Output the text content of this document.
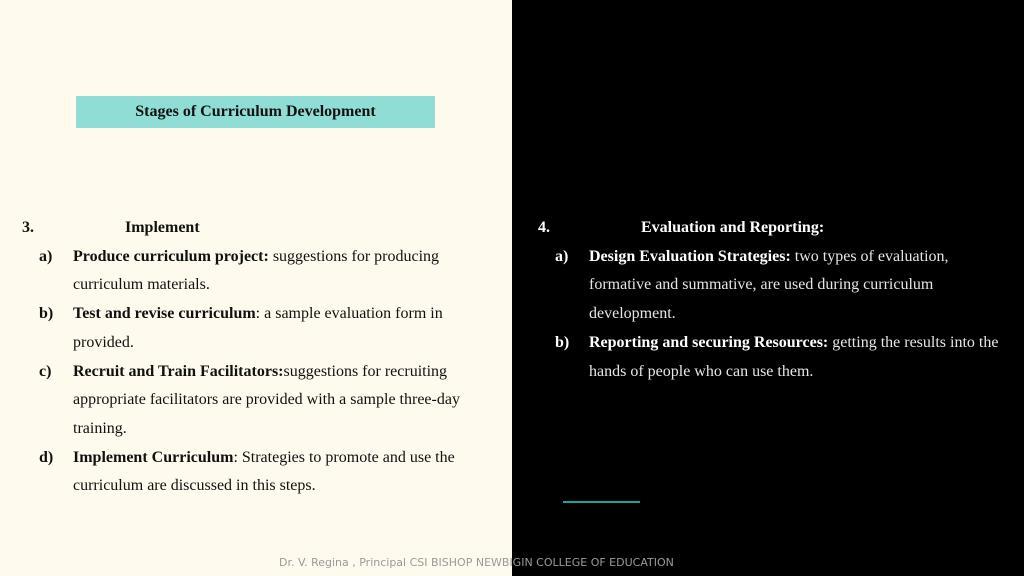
Stages of Curriculum Development
3.	Implement
a)	Produce curriculum project: suggestions for producing curriculum materials.
b)	Test and revise curriculum: a sample evaluation form in provided.
c)	Recruit and Train Facilitators:suggestions for recruiting appropriate facilitators are provided with a sample three-day training.
d)	Implement Curriculum: Strategies to promote and use the curriculum are discussed in this steps.
4.	Evaluation and Reporting:
a)	Design Evaluation Strategies: two types of evaluation, formative and summative, are used during curriculum development.
b)	Reporting and securing Resources: getting the results into the hands of people who can use them.
Dr. V. Regina , Principal CSI BISHOP NEWBIGIN COLLEGE OF EDUCATION
